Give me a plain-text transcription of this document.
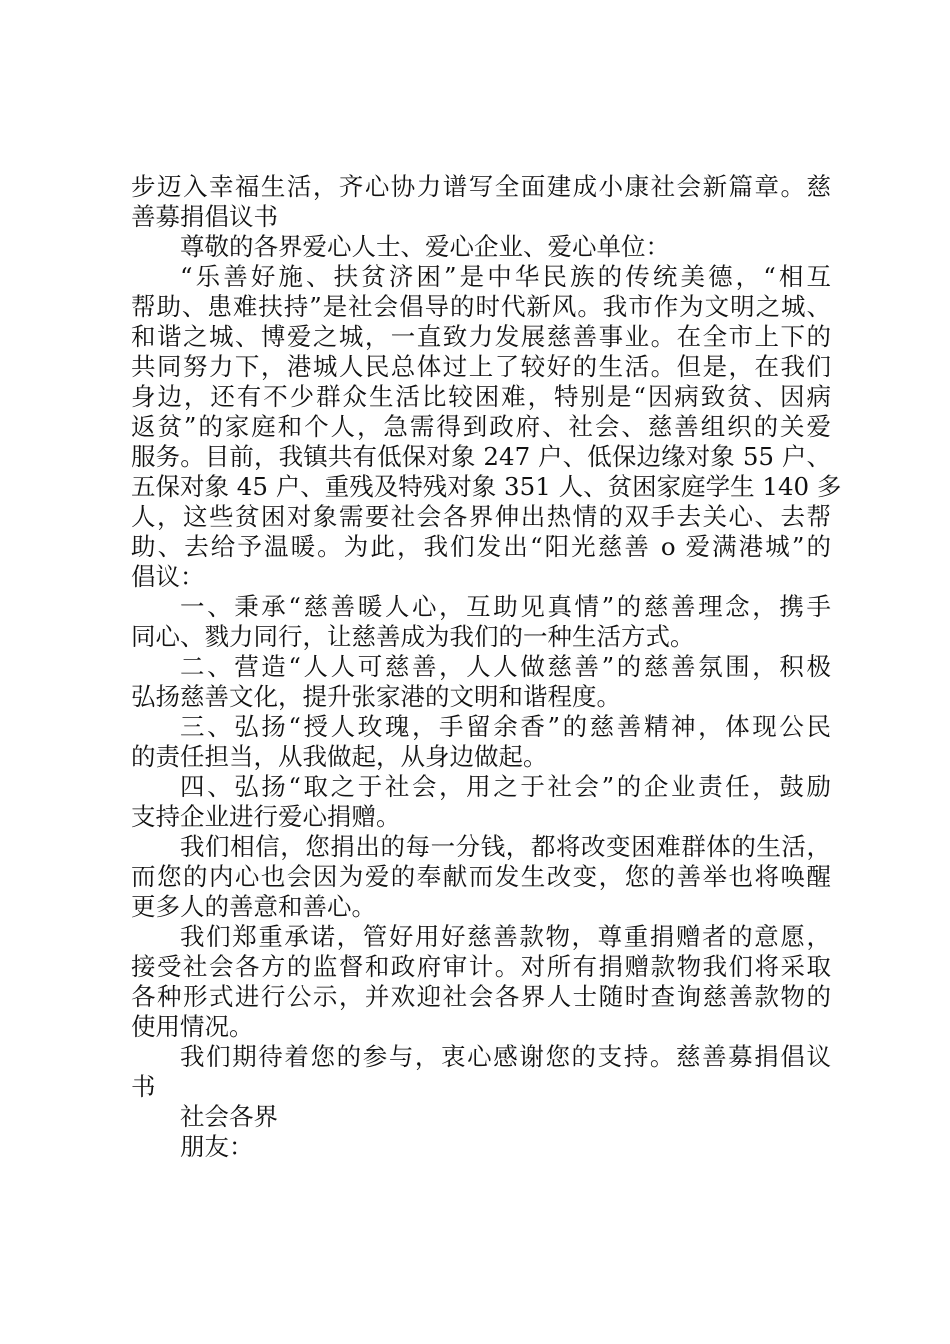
步迈入幸福生活，齐心协力谱写全面建成小康社会新篇章。慈
善募捐倡议书
尊敬的各界爱心人士、爱心企业、爱心单位：
“乐善好施、扶贫济困”是中华民族的传统美德，“相互
帮助、患难扶持”是社会倡导的时代新风。我市作为文明之城、
和谐之城、博爱之城，一直致力发展慈善事业。在全市上下的
共同努力下，港城人民总体过上了较好的生活。但是，在我们
身边，还有不少群众生活比较困难，特别是“因病致贫、因病
返贫”的家庭和个人，急需得到政府、社会、慈善组织的关爱
服务。目前，我镇共有低保对象 247 户、低保边缘对象 55 户、
五保对象 45 户、重残及特残对象 351 人、贫困家庭学生 140 多
人，这些贫困对象需要社会各界伸出热情的双手去关心、去帮
助、去给予温暖。为此，我们发出“阳光慈善 o 爱满港城”的
倡议：
一、秉承“慈善暖人心，互助见真情”的慈善理念，携手
同心、戮力同行，让慈善成为我们的一种生活方式。
二、营造“人人可慈善，人人做慈善”的慈善氛围，积极
弘扬慈善文化，提升张家港的文明和谐程度。
三、弘扬“授人玫瑰，手留余香”的慈善精神，体现公民
的责任担当，从我做起，从身边做起。
四、弘扬“取之于社会，用之于社会”的企业责任，鼓励
支持企业进行爱心捐赠。
我们相信，您捐出的每一分钱，都将改变困难群体的生活，
而您的内心也会因为爱的奉献而发生改变，您的善举也将唤醒
更多人的善意和善心。
我们郑重承诺，管好用好慈善款物，尊重捐赠者的意愿，
接受社会各方的监督和政府审计。对所有捐赠款物我们将采取
各种形式进行公示，并欢迎社会各界人士随时查询慈善款物的
使用情况。
我们期待着您的参与，衷心感谢您的支持。慈善募捐倡议
书
社会各界
朋友：
